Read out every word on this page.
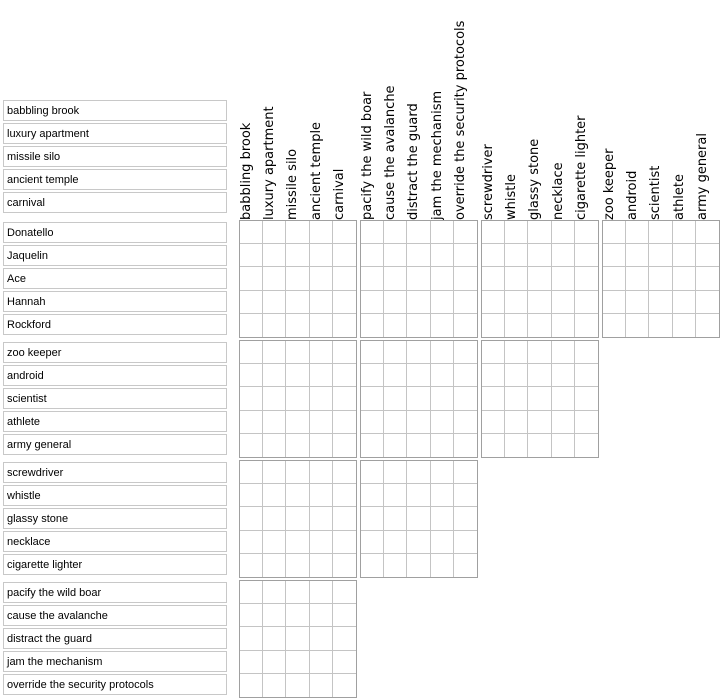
babbling brook
luxury apartment
missile silo
ancient temple
carnival	babbling brook luxury apartment missile silo ancient temple carnival pacify the wild boar cause the avalanche distract the guard jam the mechanism override the security protocols screwdriver whistle glassy stone necklace cigarette lighter zoo keeper android scientist athlete army general
Donatello
Jaquelin
Ace
Hannah
Rockford
zoo keeper
android
scientist
athlete
army general
screwdriver
whistle
glassy stone
necklace
cigarette lighter
pacify the wild boar
cause the avalanche
distract the guard
jam the mechanism
override the security protocols
